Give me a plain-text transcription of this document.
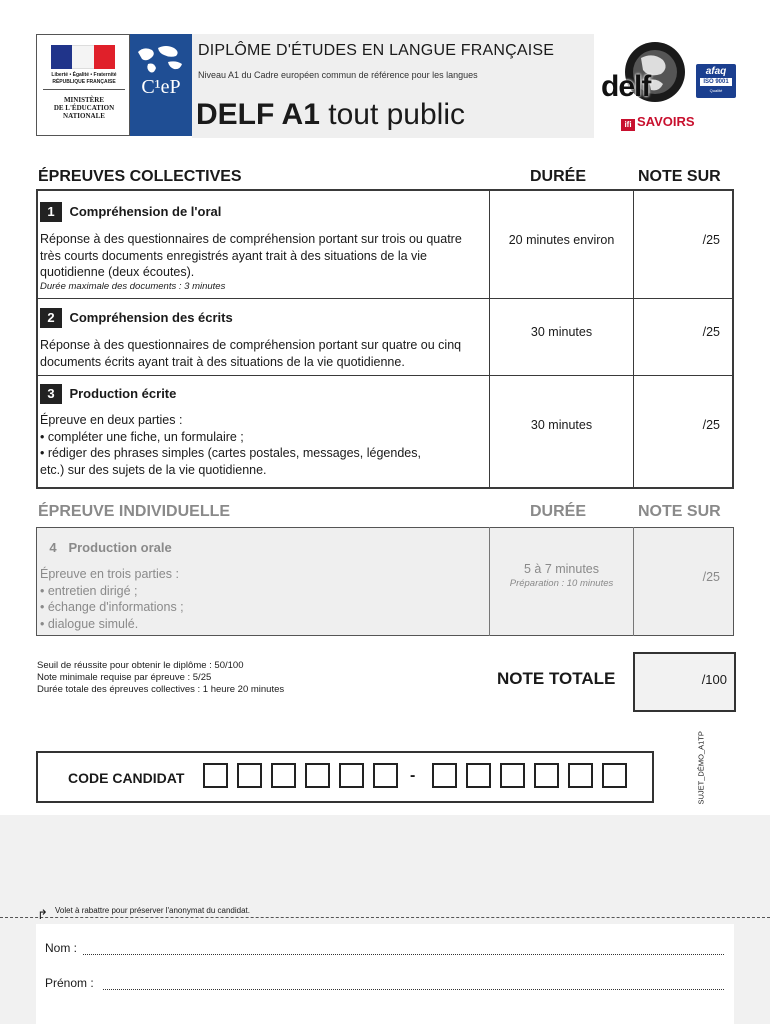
Liberté • Égalité • Fraternité
RÉPUBLIQUE FRANÇAISE
MINISTÈRE
DE L'ÉDUCATION
NATIONALE
C¹eP
DIPLÔME D'ÉTUDES EN LANGUE FRANÇAISE
Niveau A1 du Cadre européen commun de référence pour les langues
DELF A1 tout public
delf	afaq
ISO 9001
Qualité
ifi SAVOIRS
ÉPREUVES COLLECTIVES	DURÉE	NOTE SUR
1 Compréhension de l'oral
Réponse à des questionnaires de compréhension portant sur trois ou quatre très courts documents enregistrés ayant trait à des situations de la vie quotidienne (deux écoutes).
Durée maximale des documents : 3 minutes
20 minutes environ	/25
2 Compréhension des écrits
Réponse à des questionnaires de compréhension portant sur quatre ou cinq documents écrits ayant trait à des situations de la vie quotidienne.
30 minutes	/25
3 Production écrite
Épreuve en deux parties :
• compléter une fiche, un formulaire ;
• rédiger des phrases simples (cartes postales, messages, légendes,
etc.) sur des sujets de la vie quotidienne.
30 minutes	/25
ÉPREUVE INDIVIDUELLE	DURÉE	NOTE SUR
4 Production orale
Épreuve en trois parties :
• entretien dirigé ;
• échange d'informations ;
• dialogue simulé.
5 à 7 minutes
Préparation : 10 minutes	/25
Seuil de réussite pour obtenir le diplôme : 50/100
Note minimale requise par épreuve : 5/25
Durée totale des épreuves collectives : 1 heure 20 minutes
NOTE TOTALE	/100
CODE CANDIDAT	-	SUJET_DÉMO_A1TP
↱ Volet à rabattre pour préserver l'anonymat du candidat.
Nom :
Prénom :
